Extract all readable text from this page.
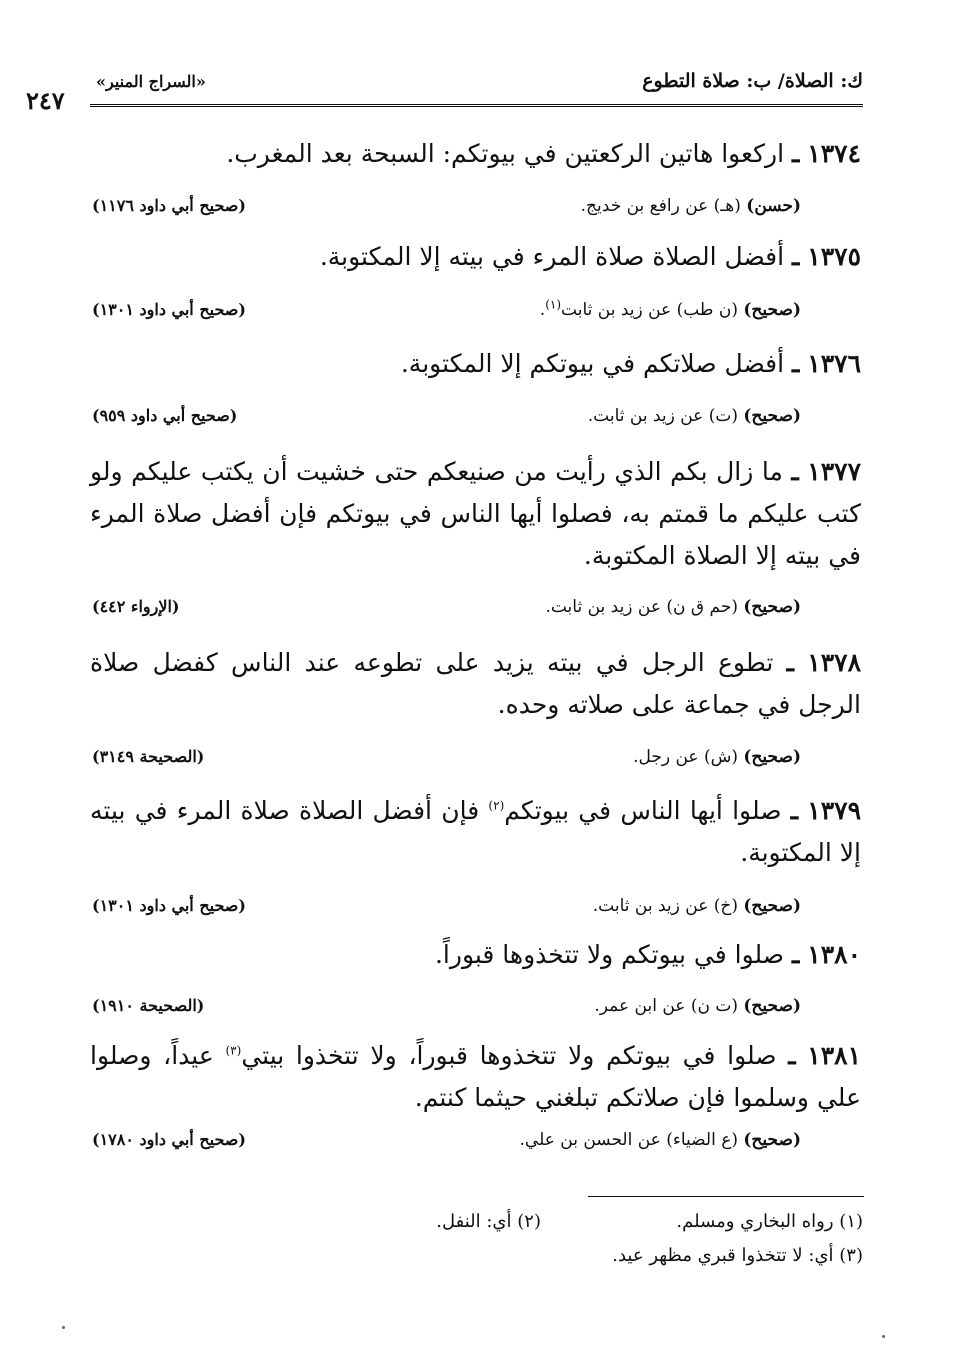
ك: الصلاة/ ب: صلاة التطوع
«السراج المنير»
٢٤٧
١٣٧٤ ـ اركعوا هاتين الركعتين في بيوتكم: السبحة بعد المغرب.
(حسن) (هـ) عن رافع بن خديج.
(صحيح أبي داود ١١٧٦)
١٣٧٥ ـ أفضل الصلاة صلاة المرء في بيته إلا المكتوبة.
(صحيح) (ن طب) عن زيد بن ثابت$^{(١)}$.
(صحيح أبي داود ١٣٠١)
١٣٧٦ ـ أفضل صلاتكم في بيوتكم إلا المكتوبة.
(صحيح) (ت) عن زيد بن ثابت.
(صحيح أبي داود ٩٥٩)
١٣٧٧ ـ ما زال بكم الذي رأيت من صنيعكم حتى خشيت أن يكتب عليكم ولو كتب عليكم ما قمتم به، فصلوا أيها الناس في بيوتكم فإن أفضل صلاة المرء في بيته إلا الصلاة المكتوبة.
(صحيح) (حم ق ن) عن زيد بن ثابت.
(الإرواء ٤٤٢)
١٣٧٨ ـ تطوع الرجل في بيته يزيد على تطوعه عند الناس كفضل صلاة الرجل في جماعة على صلاته وحده.
(صحيح) (ش) عن رجل.
(الصحيحة ٣١٤٩)
١٣٧٩ ـ صلوا أيها الناس في بيوتكم$^{(٢)}$ فإن أفضل الصلاة صلاة المرء في بيته إلا المكتوبة.
(صحيح) (خ) عن زيد بن ثابت.
(صحيح أبي داود ١٣٠١)
١٣٨٠ ـ صلوا في بيوتكم ولا تتخذوها قبوراً.
(صحيح) (ت ن) عن ابن عمر.
(الصحيحة ١٩١٠)
١٣٨١ ـ صلوا في بيوتكم ولا تتخذوها قبوراً، ولا تتخذوا بيتي$^{(٣)}$ عيداً، وصلوا علي وسلموا فإن صلاتكم تبلغني حيثما كنتم.
(صحيح) (ع الضياء) عن الحسن بن علي.
(صحيح أبي داود ١٧٨٠)
(١) رواه البخاري ومسلم.
(٢) أي: النفل.
(٣) أي: لا تتخذوا قبري مظهر عيد.
